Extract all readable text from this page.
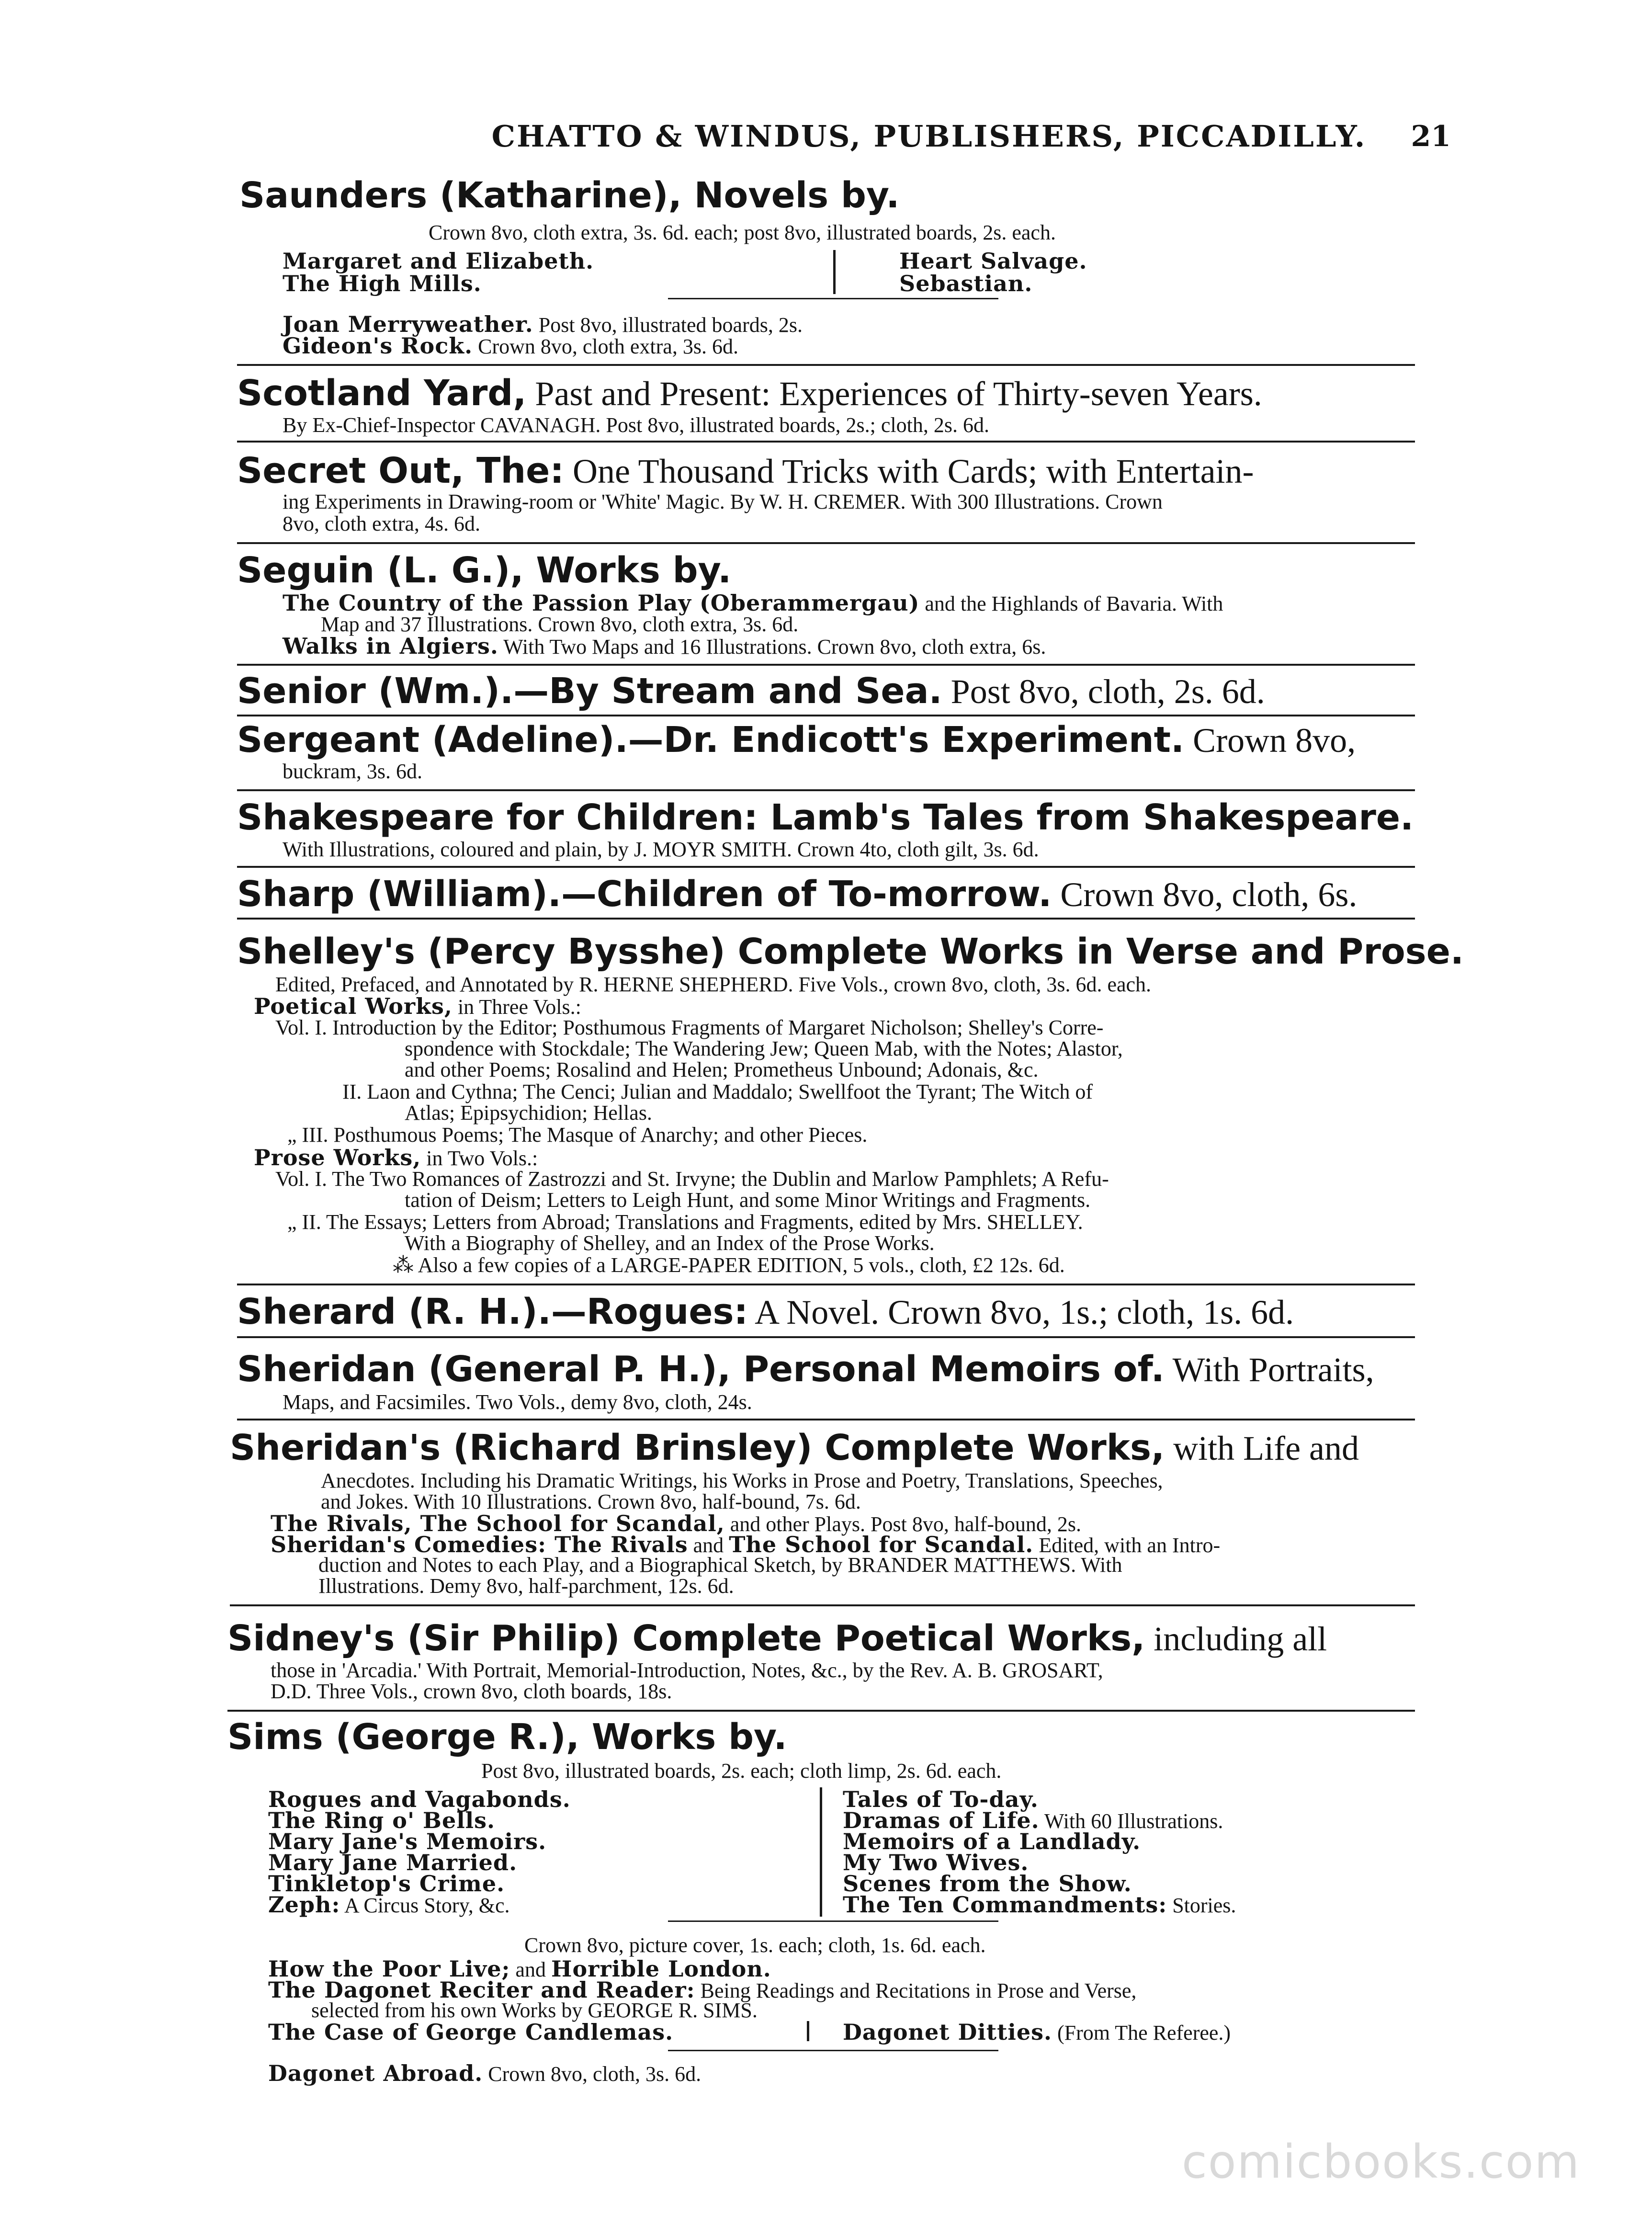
CHATΤO & WINDUS, PUBLISHERS, PICCADILLY.	21
Saunders (Katharine), Novels by.
Crown 8vo, cloth extra, 3s. 6d. each; post 8vo, illustrated boards, 2s. each.
Margaret and Elizabeth.
The High Mills.
Heart Salvage.
Sebastian.
Joan Merryweather. Post 8vo, illustrated boards, 2s.
Gideon's Rock. Crown 8vo, cloth extra, 3s. 6d.
Scotland Yard, Past and Present: Experiences of Thirty-seven Years.
By Ex-Chief-Inspector CAVANAGH. Post 8vo, illustrated boards, 2s.; cloth, 2s. 6d.
Secret Out, The: One Thousand Tricks with Cards; with Entertain-
ing Experiments in Drawing-room or 'White' Magic. By W. H. CREMER. With 300 Illustrations. Crown
8vo, cloth extra, 4s. 6d.
Seguin (L. G.), Works by.
The Country of the Passion Play (Oberammergau) and the Highlands of Bavaria. With
Map and 37 Illustrations. Crown 8vo, cloth extra, 3s. 6d.
Walks in Algiers. With Two Maps and 16 Illustrations. Crown 8vo, cloth extra, 6s.
Senior (Wm.).—By Stream and Sea. Post 8vo, cloth, 2s. 6d.
Sergeant (Adeline).—Dr. Endicott's Experiment. Crown 8vo,
buckram, 3s. 6d.
Shakespeare for Children: Lamb's Tales from Shakespeare.
With Illustrations, coloured and plain, by J. MOYR SMITH. Crown 4to, cloth gilt, 3s. 6d.
Sharp (William).—Children of To-morrow. Crown 8vo, cloth, 6s.
Shelley's (Percy Bysshe) Complete Works in Verse and Prose.
Edited, Prefaced, and Annotated by R. HERNE SHEPHERD. Five Vols., crown 8vo, cloth, 3s. 6d. each.
Poetical Works, in Three Vols.:
Vol. I. Introduction by the Editor; Posthumous Fragments of Margaret Nicholson; Shelley's Corre-
spondence with Stockdale; The Wandering Jew; Queen Mab, with the Notes; Alastor,
and other Poems; Rosalind and Helen; Prometheus Unbound; Adonais, &c.
II. Laon and Cythna; The Cenci; Julian and Maddalo; Swellfoot the Tyrant; The Witch of
Atlas; Epipsychidion; Hellas.
„ III. Posthumous Poems; The Masque of Anarchy; and other Pieces.
Prose Works, in Two Vols.:
Vol. I. The Two Romances of Zastrozzi and St. Irvyne; the Dublin and Marlow Pamphlets; A Refu-
tation of Deism; Letters to Leigh Hunt, and some Minor Writings and Fragments.
„ II. The Essays; Letters from Abroad; Translations and Fragments, edited by Mrs. SHELLEY.
With a Biography of Shelley, and an Index of the Prose Works.
⁂ Also a few copies of a LARGE-PAPER EDITION, 5 vols., cloth, £2 12s. 6d.
Sherard (R. H.).—Rogues: A Novel. Crown 8vo, 1s.; cloth, 1s. 6d.
Sheridan (General P. H.), Personal Memoirs of. With Portraits,
Maps, and Facsimiles. Two Vols., demy 8vo, cloth, 24s.
Sheridan's (Richard Brinsley) Complete Works, with Life and
Anecdotes. Including his Dramatic Writings, his Works in Prose and Poetry, Translations, Speeches,
and Jokes. With 10 Illustrations. Crown 8vo, half-bound, 7s. 6d.
The Rivals, The School for Scandal, and other Plays. Post 8vo, half-bound, 2s.
Sheridan's Comedies: The Rivals and The School for Scandal. Edited, with an Intro-
duction and Notes to each Play, and a Biographical Sketch, by BRANDER MATTHEWS. With
Illustrations. Demy 8vo, half-parchment, 12s. 6d.
Sidney's (Sir Philip) Complete Poetical Works, including all
those in 'Arcadia.' With Portrait, Memorial-Introduction, Notes, &c., by the Rev. A. B. GROSART,
D.D. Three Vols., crown 8vo, cloth boards, 18s.
Sims (George R.), Works by.
Post 8vo, illustrated boards, 2s. each; cloth limp, 2s. 6d. each.
Rogues and Vagabonds.
The Ring o' Bells.
Mary Jane's Memoirs.
Mary Jane Married.
Tinkletop's Crime.
Zeph: A Circus Story, &c.
Tales of To-day.
Dramas of Life. With 60 Illustrations.
Memoirs of a Landlady.
My Two Wives.
Scenes from the Show.
The Ten Commandments: Stories.
Crown 8vo, picture cover, 1s. each; cloth, 1s. 6d. each.
How the Poor Live; and Horrible London.
The Dagonet Reciter and Reader: Being Readings and Recitations in Prose and Verse,
selected from his own Works by GEORGE R. SIMS.
The Case of George Candlemas.	Dagonet Ditties. (From The Referee.)
Dagonet Abroad. Crown 8vo, cloth, 3s. 6d.
comicbooks.com
